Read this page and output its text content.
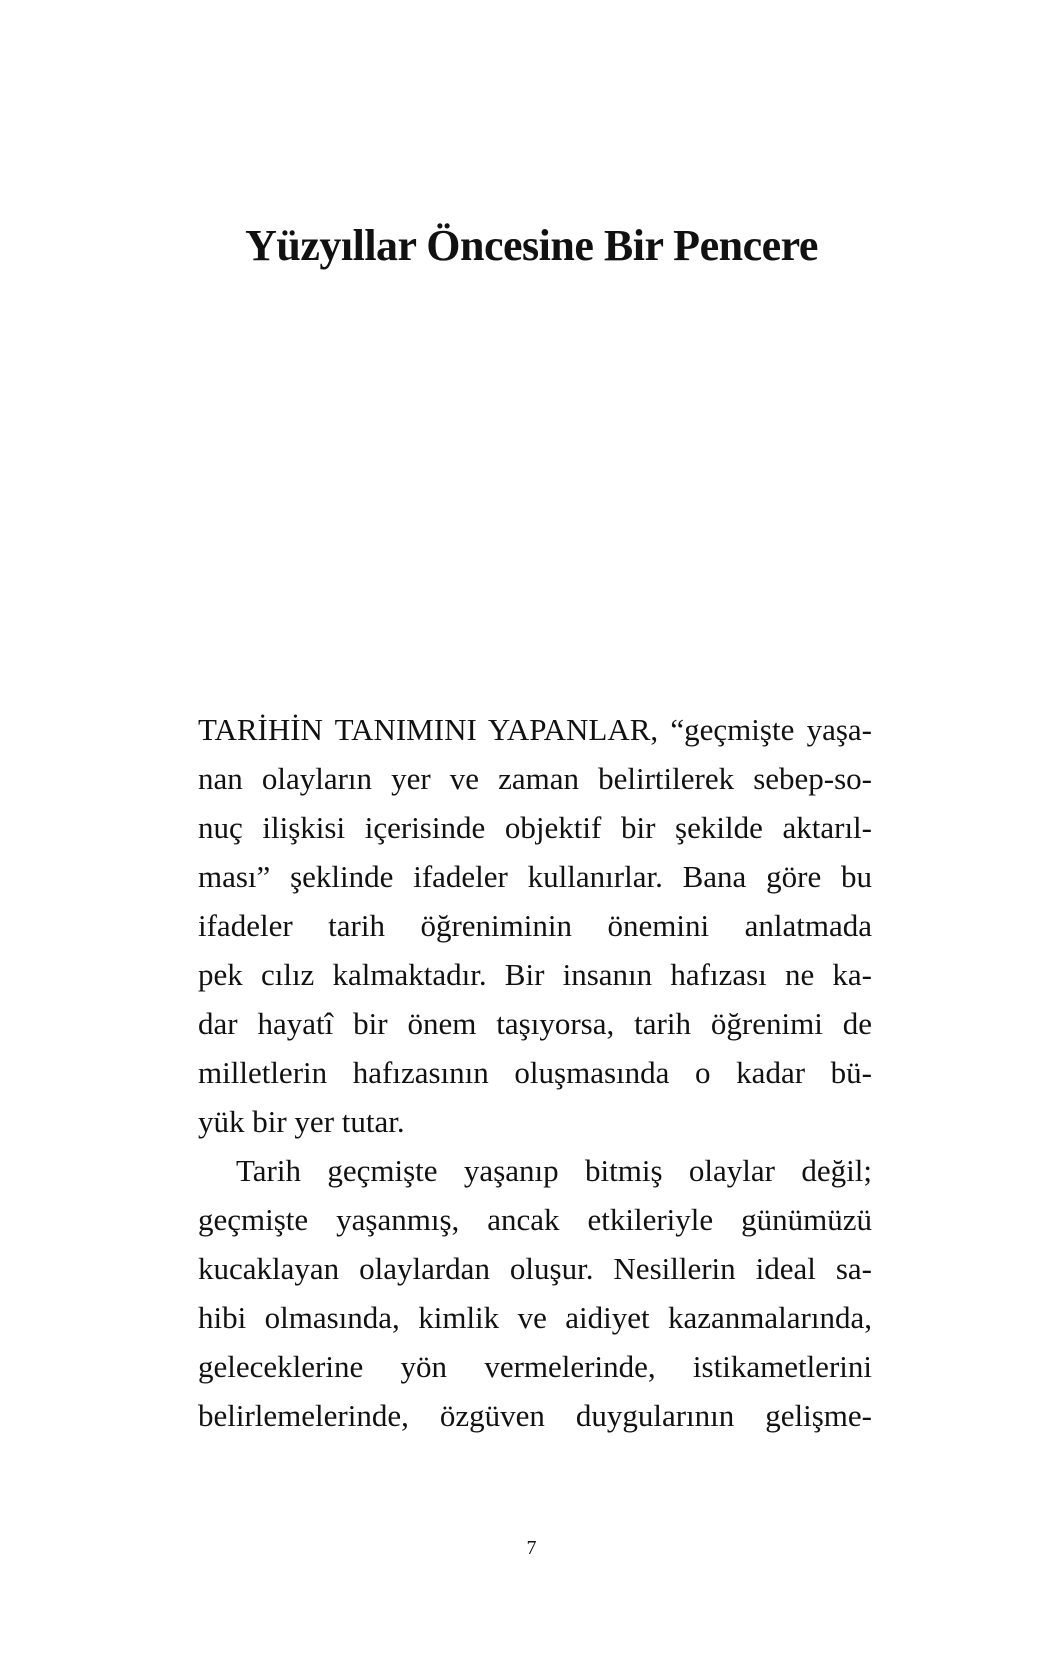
Yüzyıllar Öncesine Bir Pencere
TARİHİN TANIMINI YAPANLAR, “geçmişte yaşa-
nan olayların yer ve zaman belirtilerek sebep-so-
nuç ilişkisi içerisinde objektif bir şekilde aktarıl-
ması” şeklinde ifadeler kullanırlar. Bana göre bu
ifadeler tarih öğreniminin önemini anlatmada
pek cılız kalmaktadır. Bir insanın hafızası ne ka-
dar hayatî bir önem taşıyorsa, tarih öğrenimi de
milletlerin hafızasının oluşmasında o kadar bü-
yük bir yer tutar.
Tarih geçmişte yaşanıp bitmiş olaylar değil;
geçmişte yaşanmış, ancak etkileriyle günümüzü
kucaklayan olaylardan oluşur. Nesillerin ideal sa-
hibi olmasında, kimlik ve aidiyet kazanmalarında,
geleceklerine yön vermelerinde, istikametlerini
belirlemelerinde, özgüven duygularının gelişme-
7
